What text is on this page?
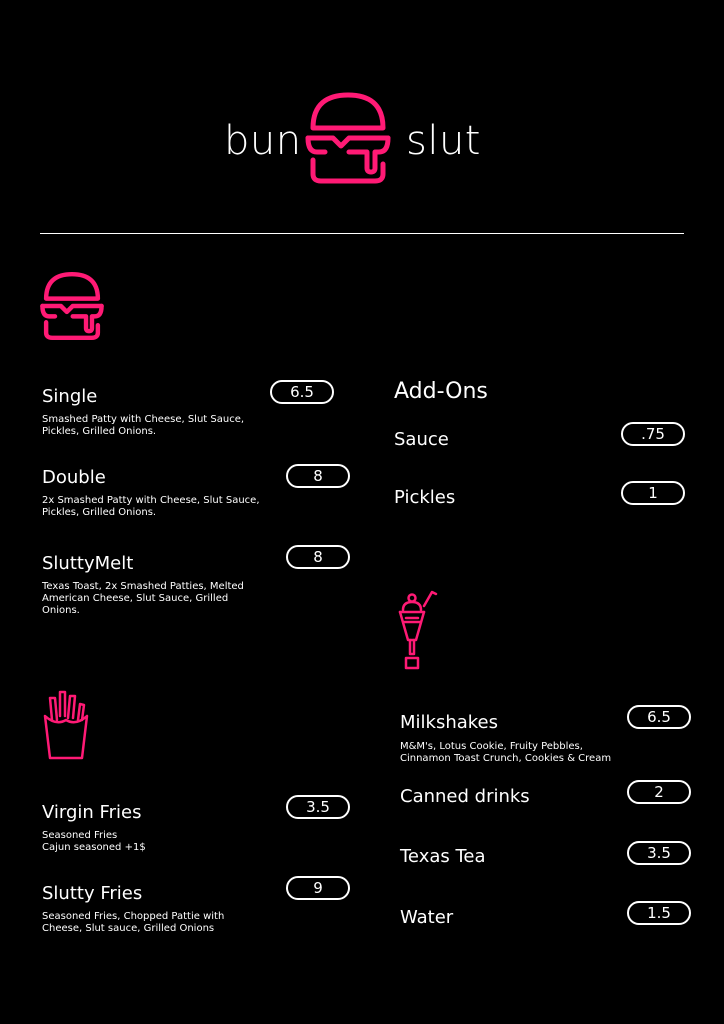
bun	slut
Single	6.5
Smashed Patty with Cheese, Slut Sauce,
Pickles, Grilled Onions.
Double	8
2x Smashed Patty with Cheese, Slut Sauce,
Pickles, Grilled Onions.
SluttyMelt	8
Texas Toast, 2x Smashed Patties, Melted
American Cheese, Slut Sauce, Grilled
Onions.
Add-Ons
Sauce	.75
Pickles	1
Virgin Fries	3.5
Seasoned Fries
Cajun seasoned +1$
Slutty Fries	9
Seasoned Fries, Chopped Pattie with
Cheese, Slut sauce, Grilled Onions
Milkshakes	6.5
M&M's, Lotus Cookie, Fruity Pebbles,
Cinnamon Toast Crunch, Cookies & Cream
Canned drinks	2
Texas Tea	3.5
Water	1.5
